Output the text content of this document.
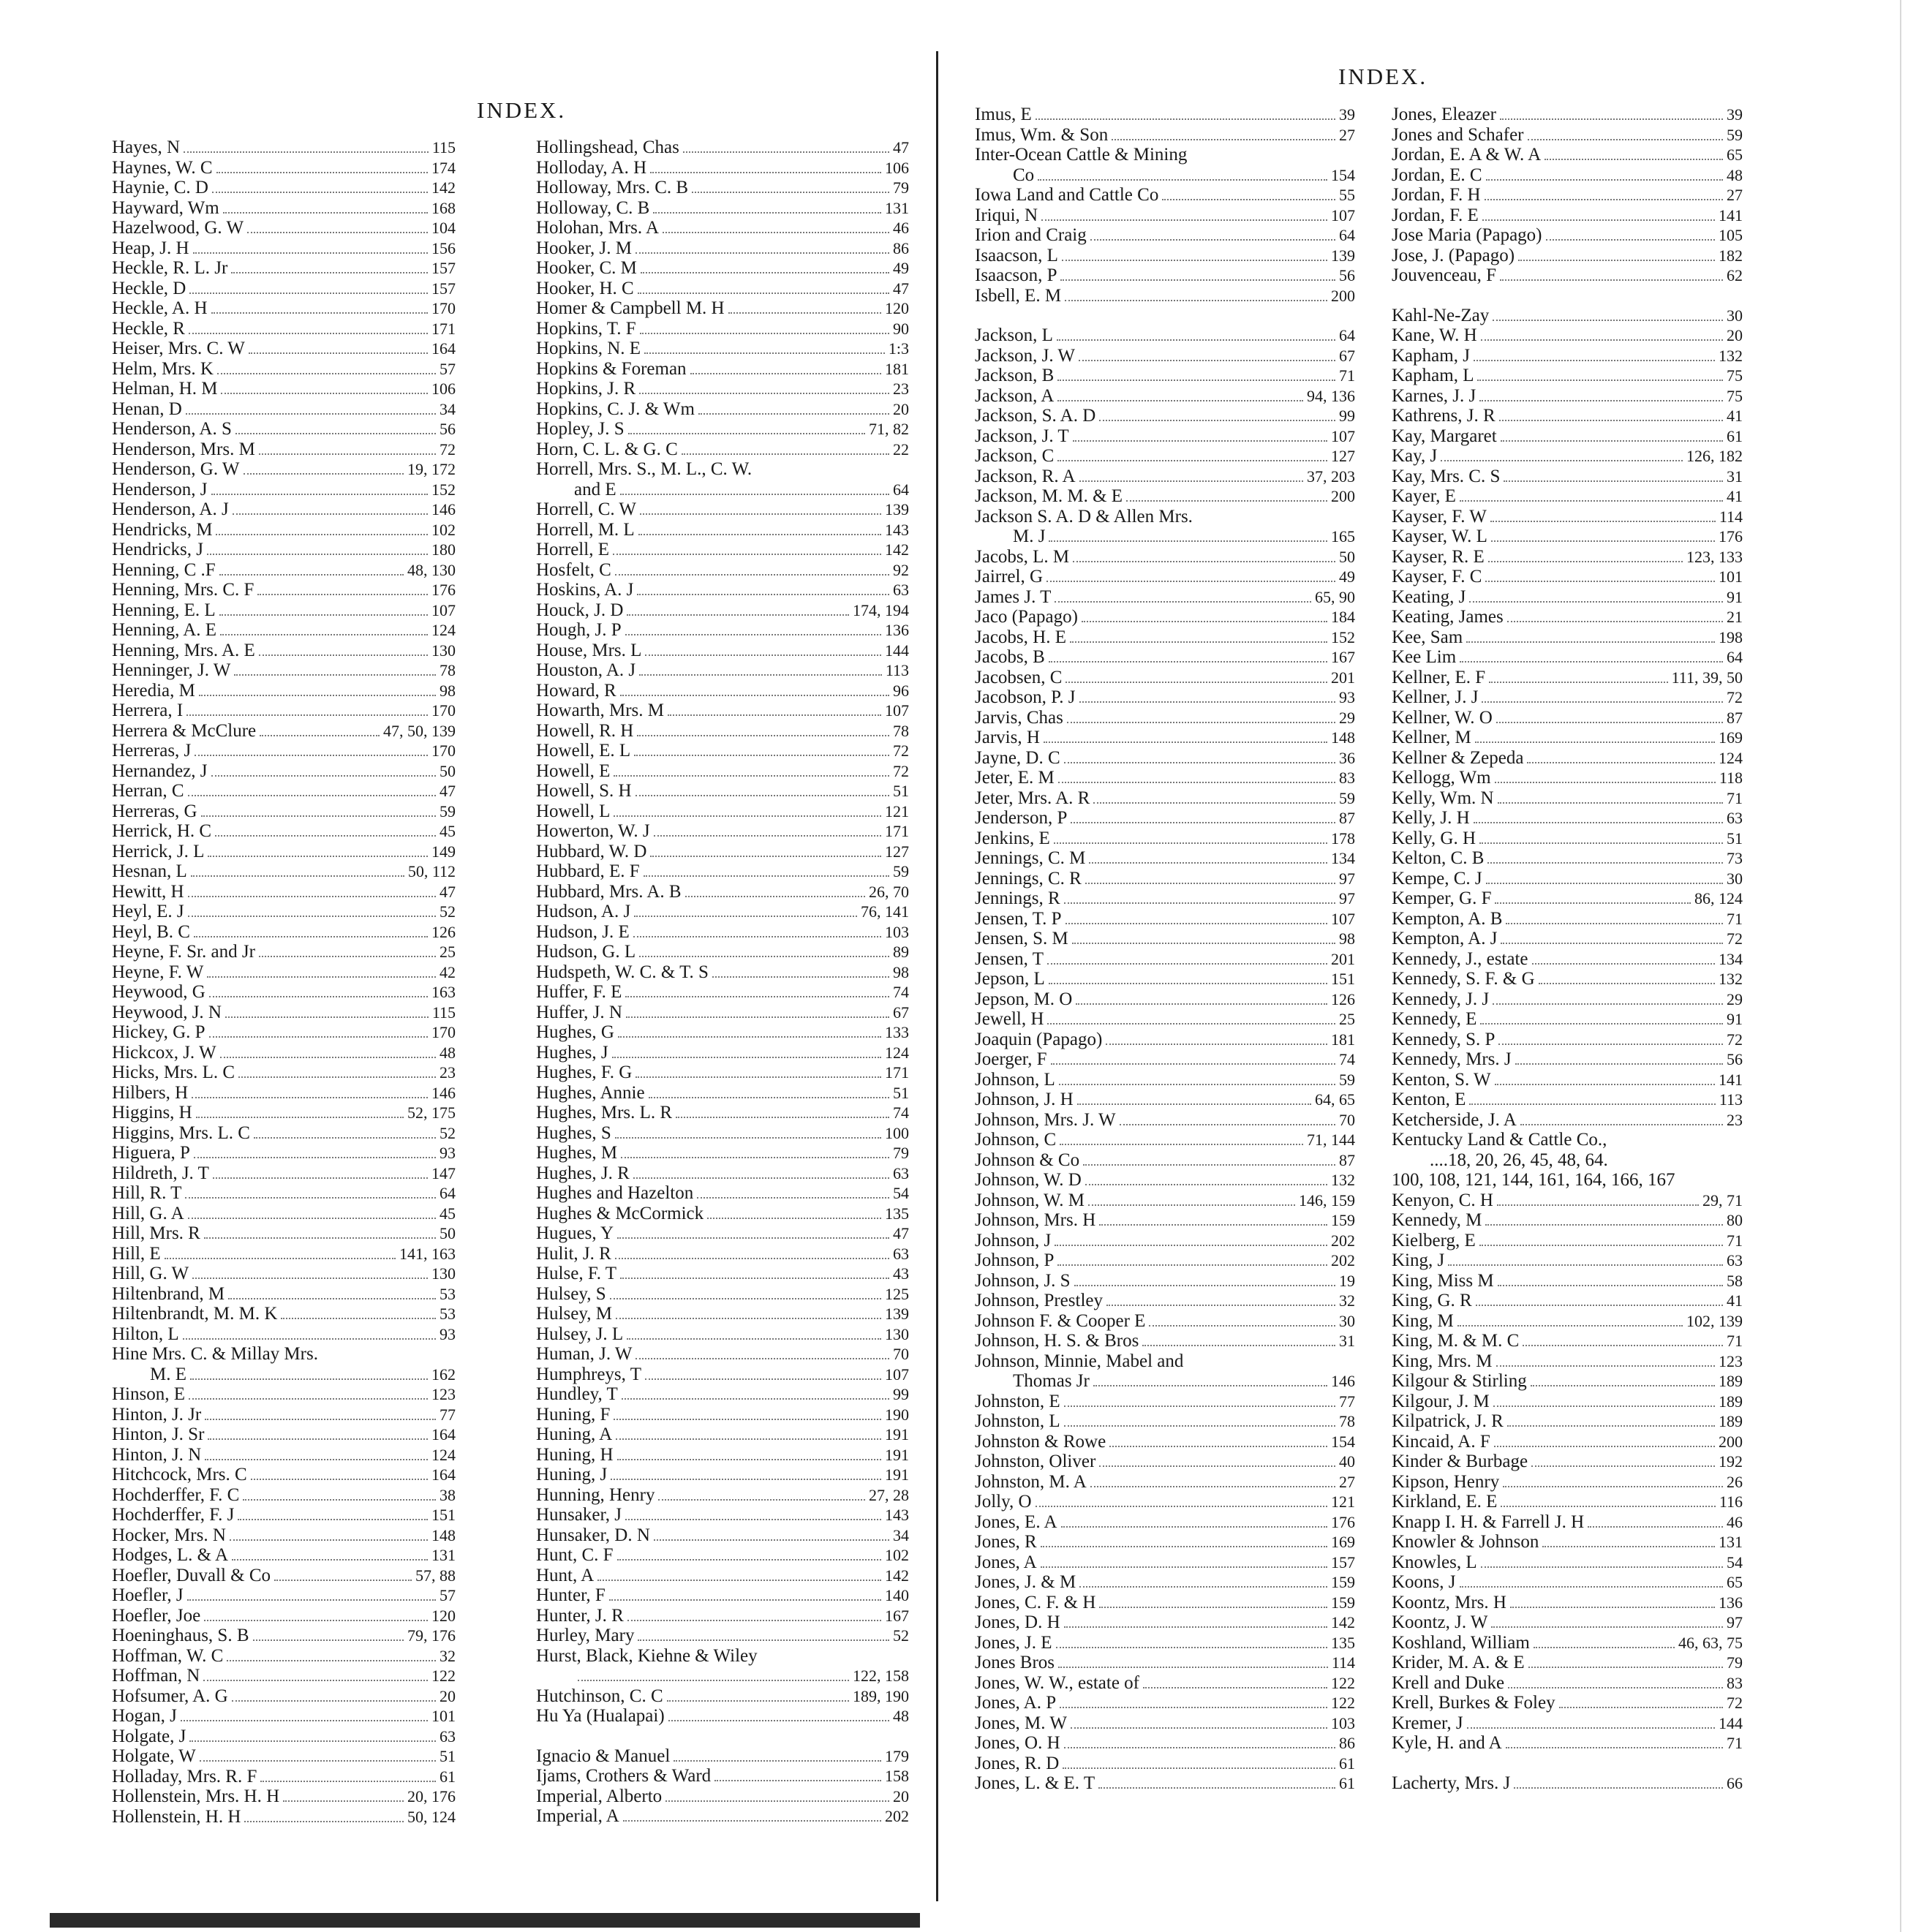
INDEX.
Hayes, N	115
Haynes, W. C	174
Haynie, C. D	142
Hayward, Wm	168
Hazelwood, G. W	104
Heap, J. H	156
Heckle, R. L. Jr	157
Heckle, D	157
Heckle, A. H	170
Heckle, R	171
Heiser, Mrs. C. W	164
Helm, Mrs. K	57
Helman, H. M	106
Henan, D	34
Henderson, A. S	56
Henderson, Mrs. M	72
Henderson, G. W	19, 172
Henderson, J	152
Henderson, A. J	146
Hendricks, M	102
Hendricks, J	180
Henning, C .F	48, 130
Henning, Mrs. C. F	176
Henning, E. L	107
Henning, A. E	124
Henning, Mrs. A. E	130
Henninger, J. W	78
Heredia, M	98
Herrera, I	170
Herrera & McClure	47, 50, 139
Herreras, J	170
Hernandez, J	50
Herran, C	47
Herreras, G	59
Herrick, H. C	45
Herrick, J. L	149
Hesnan, L	50, 112
Hewitt, H	47
Heyl, E. J	52
Heyl, B. C	126
Heyne, F. Sr. and Jr	25
Heyne, F. W	42
Heywood, G	163
Heywood, J. N	115
Hickey, G. P	170
Hickcox, J. W	48
Hicks, Mrs. L. C	23
Hilbers, H	146
Higgins, H	52, 175
Higgins, Mrs. L. C	52
Higuera, P	93
Hildreth, J. T	147
Hill, R. T	64
Hill, G. A	45
Hill, Mrs. R	50
Hill, E	141, 163
Hill, G. W	130
Hiltenbrand, M	53
Hiltenbrandt, M. M. K	53
Hilton, L	93
Hine Mrs. C. & Millay Mrs.
M. E	162
Hinson, E	123
Hinton, J. Jr	77
Hinton, J. Sr	164
Hinton, J. N	124
Hitchcock, Mrs. C	164
Hochderffer, F. C	38
Hochderffer, F. J	151
Hocker, Mrs. N	148
Hodges, L. & A	131
Hoefler, Duvall & Co	57, 88
Hoefler, J	57
Hoefler, Joe	120
Hoeninghaus, S. B	79, 176
Hoffman, W. C	32
Hoffman, N	122
Hofsumer, A. G	20
Hogan, J	101
Holgate, J	63
Holgate, W	51
Holladay, Mrs. R. F	61
Hollenstein, Mrs. H. H	20, 176
Hollenstein, H. H	50, 124
Hollingshead, Chas	47
Holloday, A. H	106
Holloway, Mrs. C. B	79
Holloway, C. B	131
Holohan, Mrs. A	46
Hooker, J. M	86
Hooker, C. M	49
Hooker, H. C	47
Homer & Campbell M. H	120
Hopkins, T. F	90
Hopkins, N. E	1:3
Hopkins & Foreman	181
Hopkins, J. R	23
Hopkins, C. J. & Wm	20
Hopley, J. S	71, 82
Horn, C. L. & G. C	22
Horrell, Mrs. S., M. L., C. W.
and E	64
Horrell, C. W	139
Horrell, M. L	143
Horrell, E	142
Hosfelt, C	92
Hoskins, A. J	63
Houck, J. D	174, 194
Hough, J. P	136
House, Mrs. L	144
Houston, A. J	113
Howard, R	96
Howarth, Mrs. M	107
Howell, R. H	78
Howell, E. L	72
Howell, E	72
Howell, S. H	51
Howell, L	121
Howerton, W. J	171
Hubbard, W. D	127
Hubbard, E. F	59
Hubbard, Mrs. A. B	26, 70
Hudson, A. J	76, 141
Hudson, J. E	103
Hudson, G. L	89
Hudspeth, W. C. & T. S	98
Huffer, F. E	74
Huffer, J. N	67
Hughes, G	133
Hughes, J	124
Hughes, F. G	171
Hughes, Annie	51
Hughes, Mrs. L. R	74
Hughes, S	100
Hughes, M	79
Hughes, J. R	63
Hughes and Hazelton	54
Hughes & McCormick	135
Hugues, Y	47
Hulit, J. R	63
Hulse, F. T	43
Hulsey, S	125
Hulsey, M	139
Hulsey, J. L	130
Human, J. W	70
Humphreys, T	107
Hundley, T	99
Huning, F	190
Huning, A	191
Huning, H	191
Huning, J	191
Hunning, Henry	27, 28
Hunsaker, J	143
Hunsaker, D. N	34
Hunt, C. F	102
Hunt, A	142
Hunter, F	140
Hunter, J. R	167
Hurley, Mary	52
Hurst, Black, Kiehne & Wiley
122, 158
Hutchinson, C. C	189, 190
Hu Ya (Hualapai)	48
Ignacio & Manuel	179
Ijams, Crothers & Ward	158
Imperial, Alberto	20
Imperial, A	202
INDEX.
Imus, E	39
Imus, Wm. & Son	27
Inter-Ocean Cattle & Mining
Co	154
Iowa Land and Cattle Co	55
Iriqui, N	107
Irion and Craig	64
Isaacson, L	139
Isaacson, P	56
Isbell, E. M	200
Jackson, L	64
Jackson, J. W	67
Jackson, B	71
Jackson, A	94, 136
Jackson, S. A. D	99
Jackson, J. T	107
Jackson, C	127
Jackson, R. A	37, 203
Jackson, M. M. & E	200
Jackson S. A. D & Allen Mrs.
M. J	165
Jacobs, L. M	50
Jairrel, G	49
James J. T	65, 90
Jaco (Papago)	184
Jacobs, H. E	152
Jacobs, B	167
Jacobsen, C	201
Jacobson, P. J	93
Jarvis, Chas	29
Jarvis, H	148
Jayne, D. C	36
Jeter, E. M	83
Jeter, Mrs. A. R	59
Jenderson, P	87
Jenkins, E	178
Jennings, C. M	134
Jennings, C. R	97
Jennings, R	97
Jensen, T. P	107
Jensen, S. M	98
Jensen, T	201
Jepson, L	151
Jepson, M. O	126
Jewell, H	25
Joaquin (Papago)	181
Joerger, F	74
Johnson, L	59
Johnson, J. H	64, 65
Johnson, Mrs. J. W	70
Johnson, C	71, 144
Johnson & Co	87
Johnson, W. D	132
Johnson, W. M	146, 159
Johnson, Mrs. H	159
Johnson, J	202
Johnson, P	202
Johnson, J. S	19
Johnson, Prestley	32
Johnson F. & Cooper E	30
Johnson, H. S. & Bros	31
Johnson, Minnie, Mabel and
Thomas Jr	146
Johnston, E	77
Johnston, L	78
Johnston & Rowe	154
Johnston, Oliver	40
Johnston, M. A	27
Jolly, O	121
Jones, E. A	176
Jones, R	169
Jones, A	157
Jones, J. & M	159
Jones, C. F. & H	159
Jones, D. H	142
Jones, J. E	135
Jones Bros	114
Jones, W. W., estate of	122
Jones, A. P	122
Jones, M. W	103
Jones, O. H	86
Jones, R. D	61
Jones, L. & E. T	61
Jones, Eleazer	39
Jones and Schafer	59
Jordan, E. A & W. A	65
Jordan, E. C	48
Jordan, F. H	27
Jordan, F. E	141
Jose Maria (Papago)	105
Jose, J. (Papago)	182
Jouvenceau, F	62
Kahl-Ne-Zay	30
Kane, W. H	20
Kapham, J	132
Kapham, L	75
Karnes, J. J	75
Kathrens, J. R	41
Kay, Margaret	61
Kay, J	126, 182
Kay, Mrs. C. S	31
Kayer, E	41
Kayser, F. W	114
Kayser, W. L	176
Kayser, R. E	123, 133
Kayser, F. C	101
Keating, J	91
Keating, James	21
Kee, Sam	198
Kee Lim	64
Kellner, E. F	111, 39, 50
Kellner, J. J	72
Kellner, W. O	87
Kellner, M	169
Kellner & Zepeda	124
Kellogg, Wm	118
Kelly, Wm. N	71
Kelly, J. H	63
Kelly, G. H	51
Kelton, C. B	73
Kempe, C. J	30
Kemper, G. F	86, 124
Kempton, A. B	71
Kempton, A. J	72
Kennedy, J., estate	134
Kennedy, S. F. & G	132
Kennedy, J. J	29
Kennedy, E	91
Kennedy, S. P	72
Kennedy, Mrs. J	56
Kenton, S. W	141
Kenton, E	113
Ketcherside, J. A	23
Kentucky Land & Cattle Co.,
....18, 20, 26, 45, 48, 64.
100, 108, 121, 144, 161, 164, 166, 167
Kenyon, C. H	29, 71
Kennedy, M	80
Kielberg, E	71
King, J	63
King, Miss M	58
King, G. R	41
King, M	102, 139
King, M. & M. C	71
King, Mrs. M	123
Kilgour & Stirling	189
Kilgour, J. M	189
Kilpatrick, J. R	189
Kincaid, A. F	200
Kinder & Burbage	192
Kipson, Henry	26
Kirkland, E. E	116
Knapp I. H. & Farrell J. H	46
Knowler & Johnson	131
Knowles, L	54
Koons, J	65
Koontz, Mrs. H	136
Koontz, J. W	97
Koshland, William	46, 63, 75
Krider, M. A. & E	79
Krell and Duke	83
Krell, Burkes & Foley	72
Kremer, J	144
Kyle, H. and A	71
Lacherty, Mrs. J	66
